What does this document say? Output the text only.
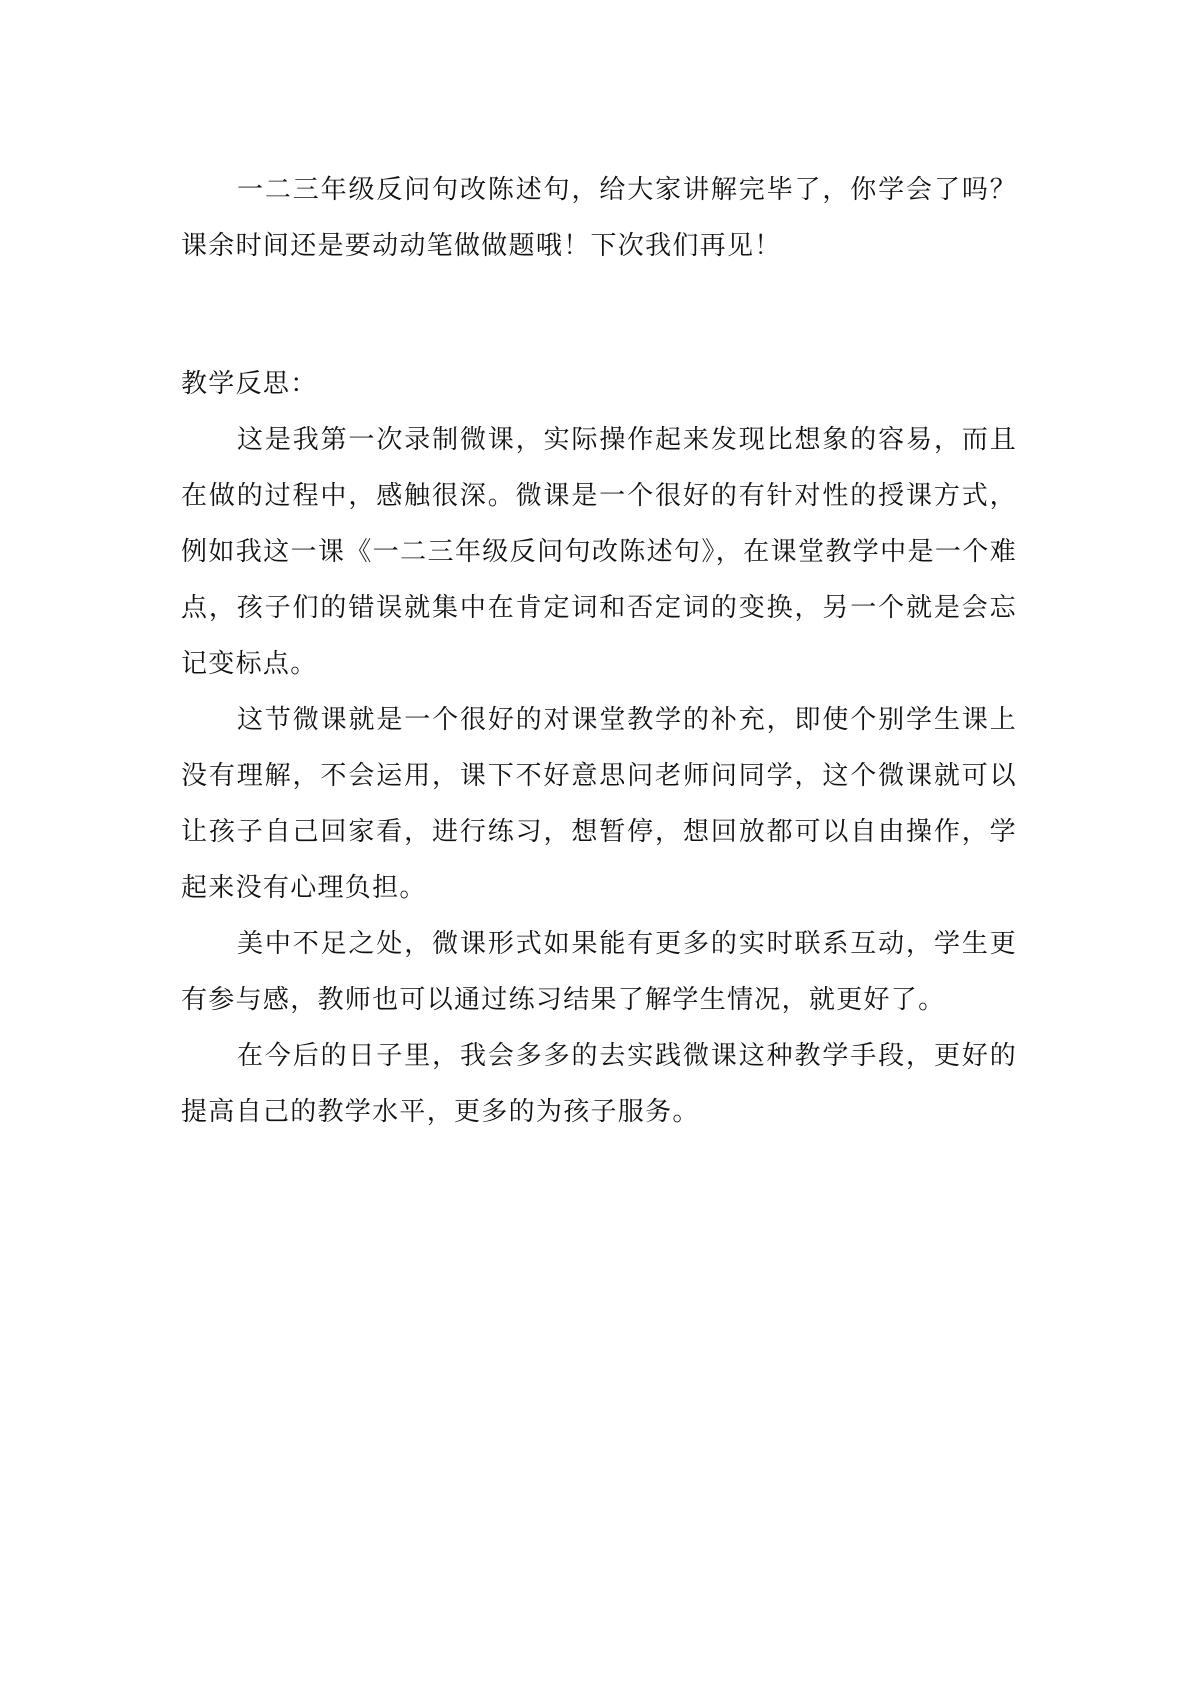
一二三年级反问句改陈述句，给大家讲解完毕了，你学会了吗？课余时间还是要动动笔做做题哦！下次我们再见！

教学反思：

这是我第一次录制微课，实际操作起来发现比想象的容易，而且在做的过程中，感触很深。微课是一个很好的有针对性的授课方式，例如我这一课《一二三年级反问句改陈述句》，在课堂教学中是一个难点，孩子们的错误就集中在肯定词和否定词的变换，另一个就是会忘记变标点。

这节微课就是一个很好的对课堂教学的补充，即使个别学生课上没有理解，不会运用，课下不好意思问老师问同学，这个微课就可以让孩子自己回家看，进行练习，想暂停，想回放都可以自由操作，学起来没有心理负担。

美中不足之处，微课形式如果能有更多的实时联系互动，学生更有参与感，教师也可以通过练习结果了解学生情况，就更好了。

在今后的日子里，我会多多的去实践微课这种教学手段，更好的提高自己的教学水平，更多的为孩子服务。
